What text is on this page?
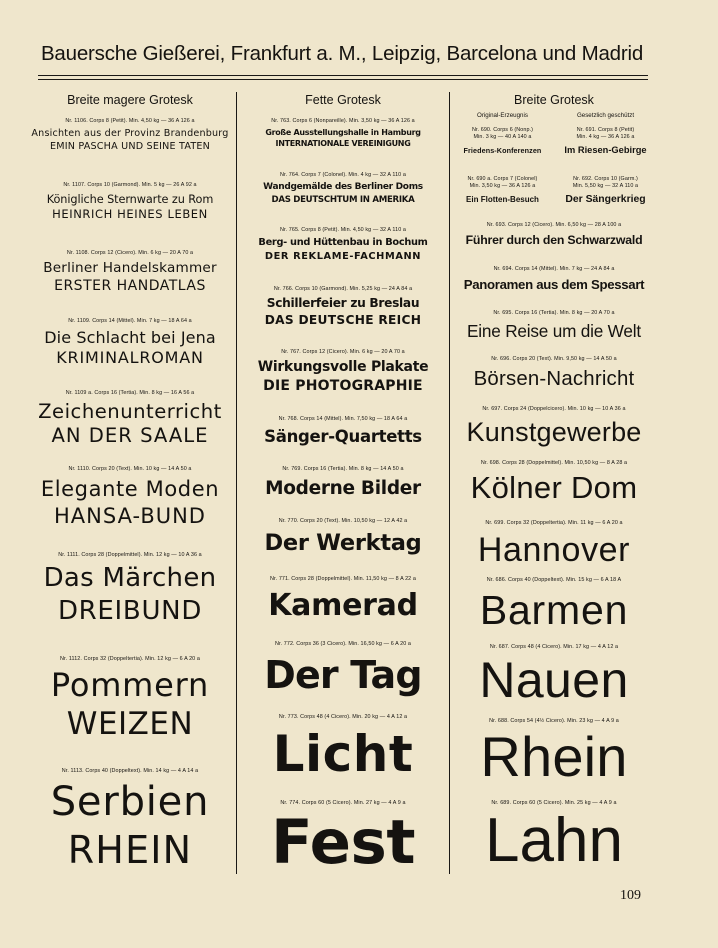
Bauersche Gießerei, Frankfurt a. M., Leipzig, Barcelona und Madrid
Breite magere Grotesk
Nr. 1106. Corps 8 (Petit). Min. 4,50 kg — 36 A 126 a
Ansichten aus der Provinz Brandenburg
EMIN PASCHA UND SEINE TATEN
Nr. 1107. Corps 10 (Garmond). Min. 5 kg — 26 A 92 a
Königliche Sternwarte zu Rom
HEINRICH HEINES LEBEN
Nr. 1108. Corps 12 (Cicero). Min. 6 kg — 20 A 70 a
Berliner Handelskammer
ERSTER HANDATLAS
Nr. 1109. Corps 14 (Mittel). Min. 7 kg — 18 A 64 a
Die Schlacht bei Jena
KRIMINALROMAN
Nr. 1109 a. Corps 16 (Tertia). Min. 8 kg — 16 A 56 a
Zeichenunterricht
AN DER SAALE
Nr. 1110. Corps 20 (Text). Min. 10 kg — 14 A 50 a
Elegante Moden
HANSA-BUND
Nr. 1111. Corps 28 (Doppelmittel). Min. 12 kg — 10 A 36 a
Das Märchen
DREIBUND
Nr. 1112. Corps 32 (Doppeltertia). Min. 12 kg — 6 A 20 a
Pommern
WEIZEN
Nr. 1113. Corps 40 (Doppeltext). Min. 14 kg — 4 A 14 a
Serbien
RHEIN
Fette Grotesk
Nr. 763. Corps 6 (Nonpareille). Min. 3,50 kg — 36 A 126 a
Große Ausstellungshalle in Hamburg
INTERNATIONALE VEREINIGUNG
Nr. 764. Corps 7 (Colonel). Min. 4 kg — 32 A 110 a
Wandgemälde des Berliner Doms
DAS DEUTSCHTUM IN AMERIKA
Nr. 765. Corps 8 (Petit). Min. 4,50 kg — 32 A 110 a
Berg- und Hüttenbau in Bochum
DER REKLAME-FACHMANN
Nr. 766. Corps 10 (Garmond). Min. 5,25 kg — 24 A 84 a
Schillerfeier zu Breslau
DAS DEUTSCHE REICH
Nr. 767. Corps 12 (Cicero). Min. 6 kg — 20 A 70 a
Wirkungsvolle Plakate
DIE PHOTOGRAPHIE
Nr. 768. Corps 14 (Mittel). Min. 7,50 kg — 18 A 64 a
Sänger-Quartetts
Nr. 769. Corps 16 (Tertia). Min. 8 kg — 14 A 50 a
Moderne Bilder
Nr. 770. Corps 20 (Text). Min. 10,50 kg — 12 A 42 a
Der Werktag
Nr. 771. Corps 28 (Doppelmittel). Min. 11,50 kg — 8 A 22 a
Kamerad
Nr. 772. Corps 36 (3 Cicero). Min. 16,50 kg — 6 A 20 a
Der Tag
Nr. 773. Corps 48 (4 Cicero). Min. 20 kg — 4 A 12 a
Licht
Nr. 774. Corps 60 (5 Cicero). Min. 27 kg — 4 A 9 a
Fest
Breite Grotesk
Original-Erzeugnis	Gesetzlich geschützt
Nr. 690. Corps 6 (Nonp.)
Min. 3 kg — 40 A 140 a
Friedens-Konferenzen
Nr. 691. Corps 8 (Petit)
Min. 4 kg — 36 A 126 a
Im Riesen-Gebirge
Nr. 690 a. Corps 7 (Colonel)
Min. 3,50 kg — 36 A 126 a
Ein Flotten-Besuch
Nr. 692. Corps 10 (Garm.)
Min. 5,50 kg — 32 A 110 a
Der Sängerkrieg
Nr. 693. Corps 12 (Cicero). Min. 6,50 kg — 28 A 100 a
Führer durch den Schwarzwald
Nr. 694. Corps 14 (Mittel). Min. 7 kg — 24 A 84 a
Panoramen aus dem Spessart
Nr. 695. Corps 16 (Tertia). Min. 8 kg — 20 A 70 a
Eine Reise um die Welt
Nr. 696. Corps 20 (Text). Min. 9,50 kg — 14 A 50 a
Börsen-Nachricht
Nr. 697. Corps 24 (Doppelcicero). Min. 10 kg — 10 A 36 a
Kunstgewerbe
Nr. 698. Corps 28 (Doppelmittel). Min. 10,50 kg — 8 A 28 a
Kölner Dom
Nr. 699. Corps 32 (Doppeltertia). Min. 11 kg — 6 A 20 a
Hannover
Nr. 686. Corps 40 (Doppeltext). Min. 15 kg — 6 A 18 A
Barmen
Nr. 687. Corps 48 (4 Cicero). Min. 17 kg — 4 A 12 a
Nauen
Nr. 688. Corps 54 (4½ Cicero). Min. 23 kg — 4 A 9 a
Rhein
Nr. 689. Corps 60 (5 Cicero). Min. 25 kg — 4 A 9 a
Lahn
109
